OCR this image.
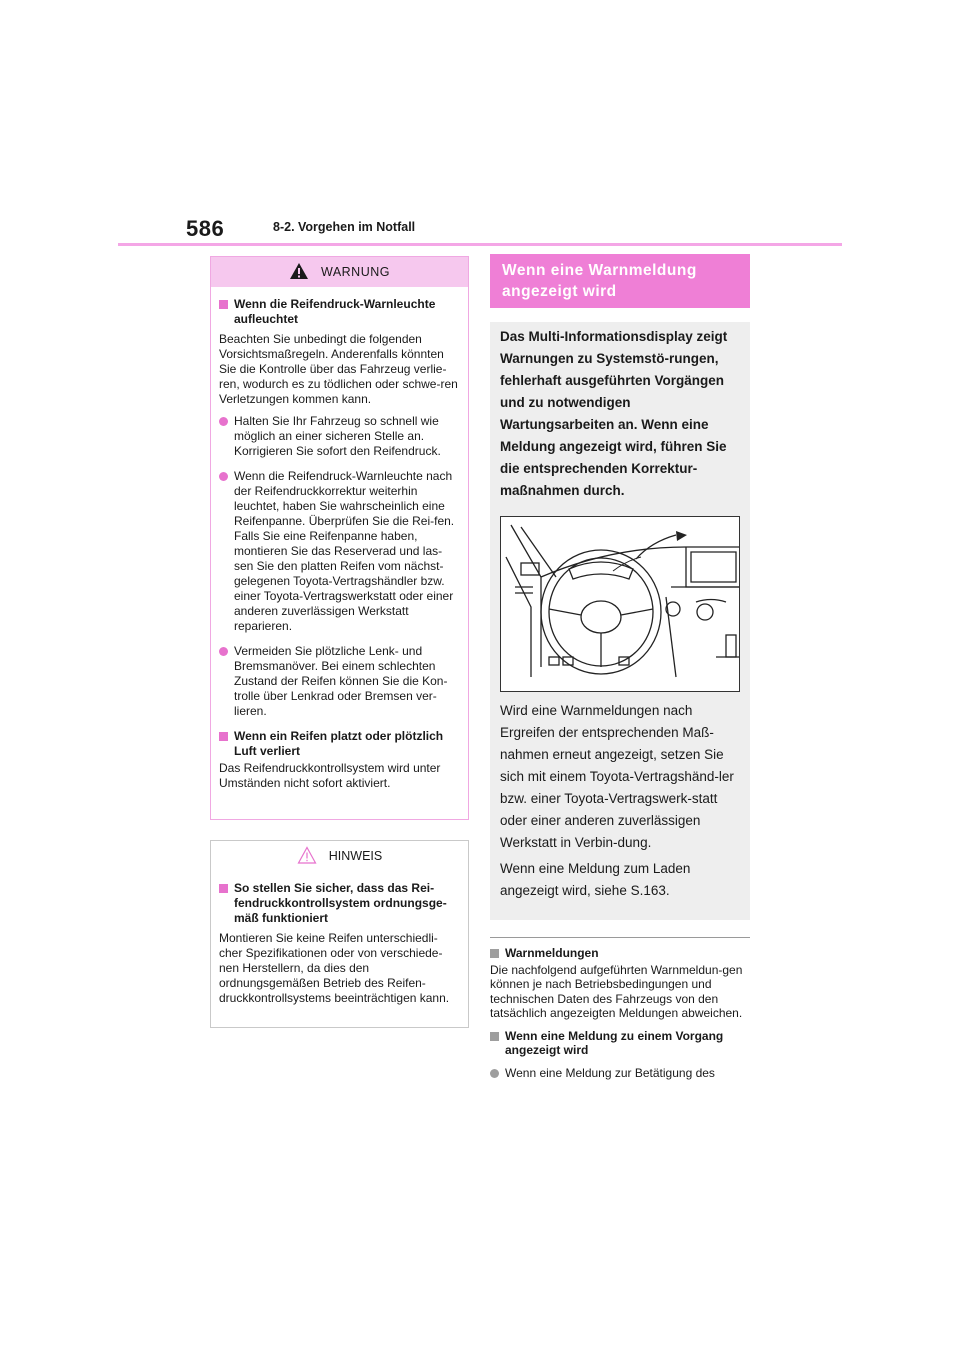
586	8-2. Vorgehen im Notfall
WARNUNG
Wenn die Reifendruck-Warnleuchte aufleuchtet
Beachten Sie unbedingt die folgenden Vorsichtsmaßregeln. Anderenfalls könnten Sie die Kontrolle über das Fahrzeug verlie-ren, wodurch es zu tödlichen oder schwe-ren Verletzungen kommen kann.
Halten Sie Ihr Fahrzeug so schnell wie möglich an einer sicheren Stelle an. Korrigieren Sie sofort den Reifendruck.
Wenn die Reifendruck-Warnleuchte nach der Reifendruckkorrektur weiterhin leuchtet, haben Sie wahrscheinlich eine Reifenpanne. Überprüfen Sie die Rei-fen. Falls Sie eine Reifenpanne haben, montieren Sie das Reserverad und las-sen Sie den platten Reifen vom nächst-gelegenen Toyota-Vertragshändler bzw. einer Toyota-Vertragswerkstatt oder einer anderen zuverlässigen Werkstatt reparieren.
Vermeiden Sie plötzliche Lenk- und Bremsmanöver. Bei einem schlechten Zustand der Reifen können Sie die Kon-trolle über Lenkrad oder Bremsen ver-lieren.
Wenn ein Reifen platzt oder plötzlich Luft verliert
Das Reifendruckkontrollsystem wird unter Umständen nicht sofort aktiviert.
HINWEIS
So stellen Sie sicher, dass das Rei-fendruckkontrollsystem ordnungsge-mäß funktioniert
Montieren Sie keine Reifen unterschiedli-cher Spezifikationen oder von verschiede-nen Herstellern, da dies den ordnungsgemäßen Betrieb des Reifen-druckkontrollsystems beeinträchtigen kann.
Wenn eine Warnmeldung angezeigt wird
Das Multi-Informationsdisplay zeigt Warnungen zu Systemstö-rungen, fehlerhaft ausgeführten Vorgängen und zu notwendigen Wartungsarbeiten an. Wenn eine Meldung angezeigt wird, führen Sie die entsprechenden Korrektur-maßnahmen durch.
Wird eine Warnmeldungen nach Ergreifen der entsprechenden Maß-nahmen erneut angezeigt, setzen Sie sich mit einem Toyota-Vertragshänd-ler bzw. einer Toyota-Vertragswerk-statt oder einer anderen zuverlässigen Werkstatt in Verbin-dung.
Wenn eine Meldung zum Laden angezeigt wird, siehe S.163.
Warnmeldungen
Die nachfolgend aufgeführten Warnmeldun-gen können je nach Betriebsbedingungen und technischen Daten des Fahrzeugs von den tatsächlich angezeigten Meldungen abweichen.
Wenn eine Meldung zu einem Vorgang angezeigt wird
Wenn eine Meldung zur Betätigung des
